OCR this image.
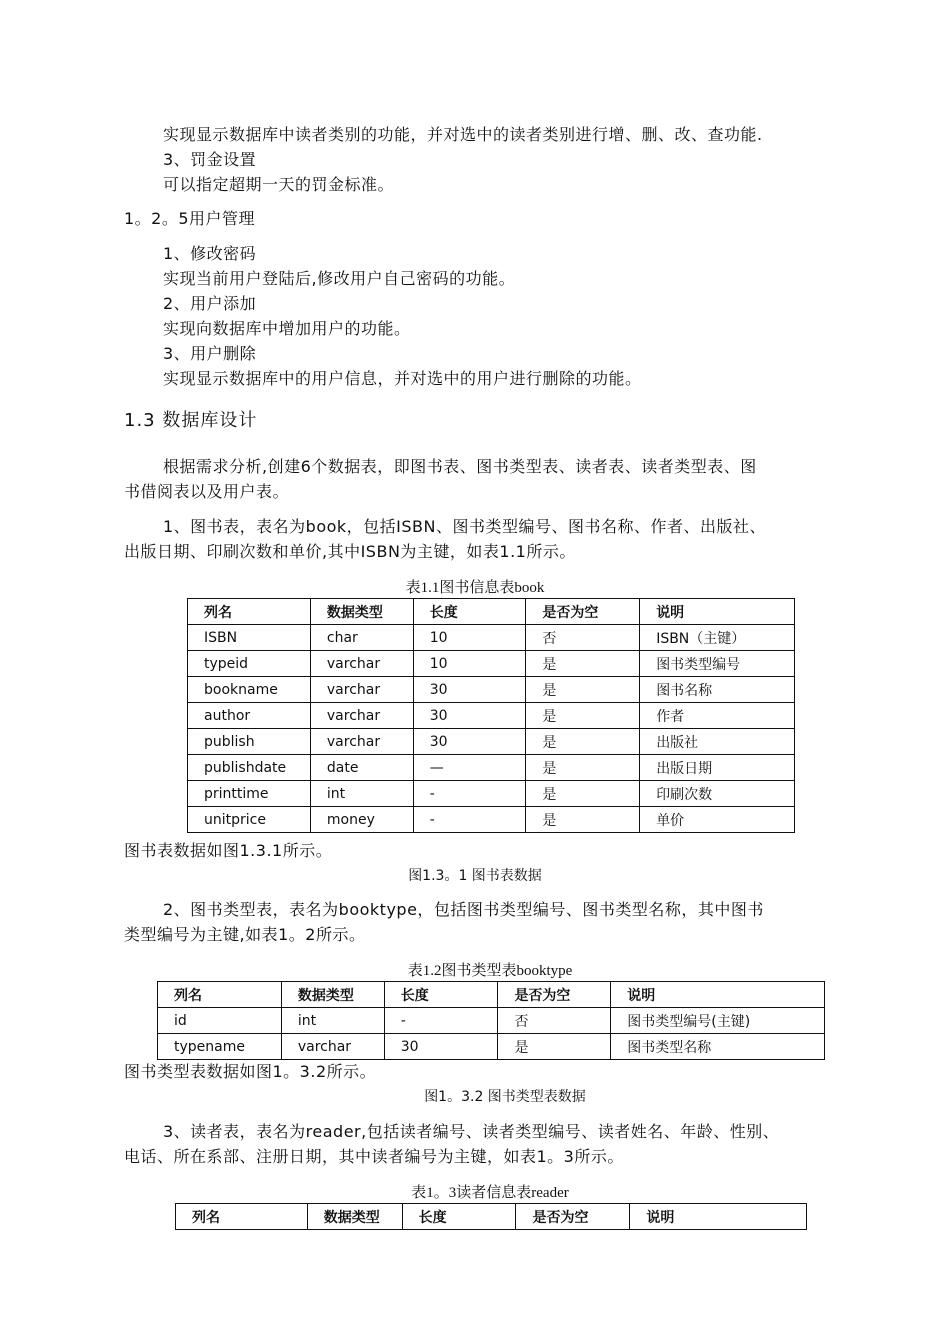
实现显示数据库中读者类别的功能，并对选中的读者类别进行增、删、改、查功能.
3、罚金设置
可以指定超期一天的罚金标准。
1。2。5用户管理
1、修改密码
实现当前用户登陆后,修改用户自己密码的功能。
2、用户添加
实现向数据库中增加用户的功能。
3、用户删除
实现显示数据库中的用户信息，并对选中的用户进行删除的功能。
1.3 数据库设计
根据需求分析,创建6个数据表，即图书表、图书类型表、读者表、读者类型表、图
书借阅表以及用户表。
1、图书表，表名为book，包括ISBN、图书类型编号、图书名称、作者、出版社、
出版日期、印刷次数和单价,其中ISBN为主键，如表1.1所示。
表1.1图书信息表book
列名	数据类型	长度	是否为空	说明
ISBN	char	10	否	ISBN（主键）
typeid	varchar	10	是	图书类型编号
bookname	varchar	30	是	图书名称
author	varchar	30	是	作者
publish	varchar	30	是	出版社
publishdate	date	—	是	出版日期
printtime	int	-	是	印刷次数
unitprice	money	-	是	单价
图书表数据如图1.3.1所示。
图1.3。1 图书表数据
2、图书类型表，表名为booktype，包括图书类型编号、图书类型名称，其中图书
类型编号为主键,如表1。2所示。
表1.2图书类型表booktype
列名	数据类型	长度	是否为空	说明
id	int	-	否	图书类型编号(主键)
typename	varchar	30	是	图书类型名称
图书类型表数据如图1。3.2所示。
图1。3.2 图书类型表数据
3、读者表，表名为reader,包括读者编号、读者类型编号、读者姓名、年龄、性别、
电话、所在系部、注册日期，其中读者编号为主键，如表1。3所示。
表1。3读者信息表reader
列名	数据类型	长度	是否为空	说明
